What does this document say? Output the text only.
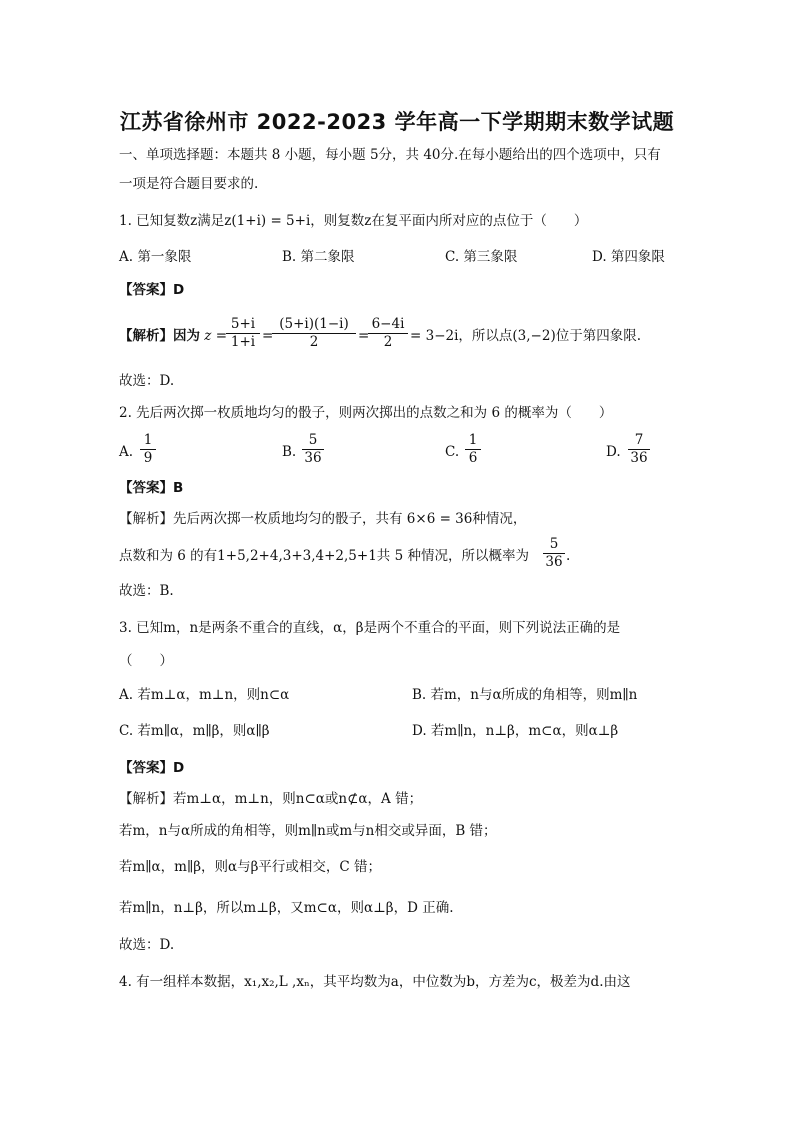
江苏省徐州市 2022-2023 学年高一下学期期末数学试题
一、单项选择题：本题共 8 小题，每小题 5分，共 40分.在每小题给出的四个选项中，只有
一项是符合题目要求的.
1. 已知复数z满足z(1+i) = 5+i，则复数z在复平面内所对应的点位于（　　）
A. 第一象限	B. 第二象限	C. 第三象限	D. 第四象限
【答案】D
【解析】因为 z =
5+i
1+i =
(5+i)(1−i)
2	=
6−4i
2	= 3−2i，所以点(3,−2)位于第四象限.
故选：D.
2. 先后两次掷一枚质地均匀的骰子，则两次掷出的点数之和为 6 的概率为（　　）
A.
1
9	B.
5
36	C.
1
6	D.
7
36
【答案】B
【解析】先后两次掷一枚质地均匀的骰子，共有 6×6 = 36种情况，
点数和为 6 的有1+5,2+4,3+3,4+2,5+1共 5 种情况，所以概率为
5
36 .
故选：B.
3. 已知m，n是两条不重合的直线，α，β是两个不重合的平面，则下列说法正确的是
（　　）
A. 若m⊥α，m⊥n，则n⊂α	B. 若m，n与α所成的角相等，则m∥n
C. 若m∥α，m∥β，则α∥β	D. 若m∥n，n⊥β，m⊂α，则α⊥β
【答案】D
【解析】若m⊥α，m⊥n，则n⊂α或n⊄α，A 错；
若m，n与α所成的角相等，则m∥n或m与n相交或异面，B 错；
若m∥α，m∥β，则α与β平行或相交，C 错；
若m∥n，n⊥β，所以m⊥β，又m⊂α，则α⊥β，D 正确.
故选：D.
4. 有一组样本数据，x₁,x₂,L ,xₙ，其平均数为a，中位数为b，方差为c，极差为d.由这
